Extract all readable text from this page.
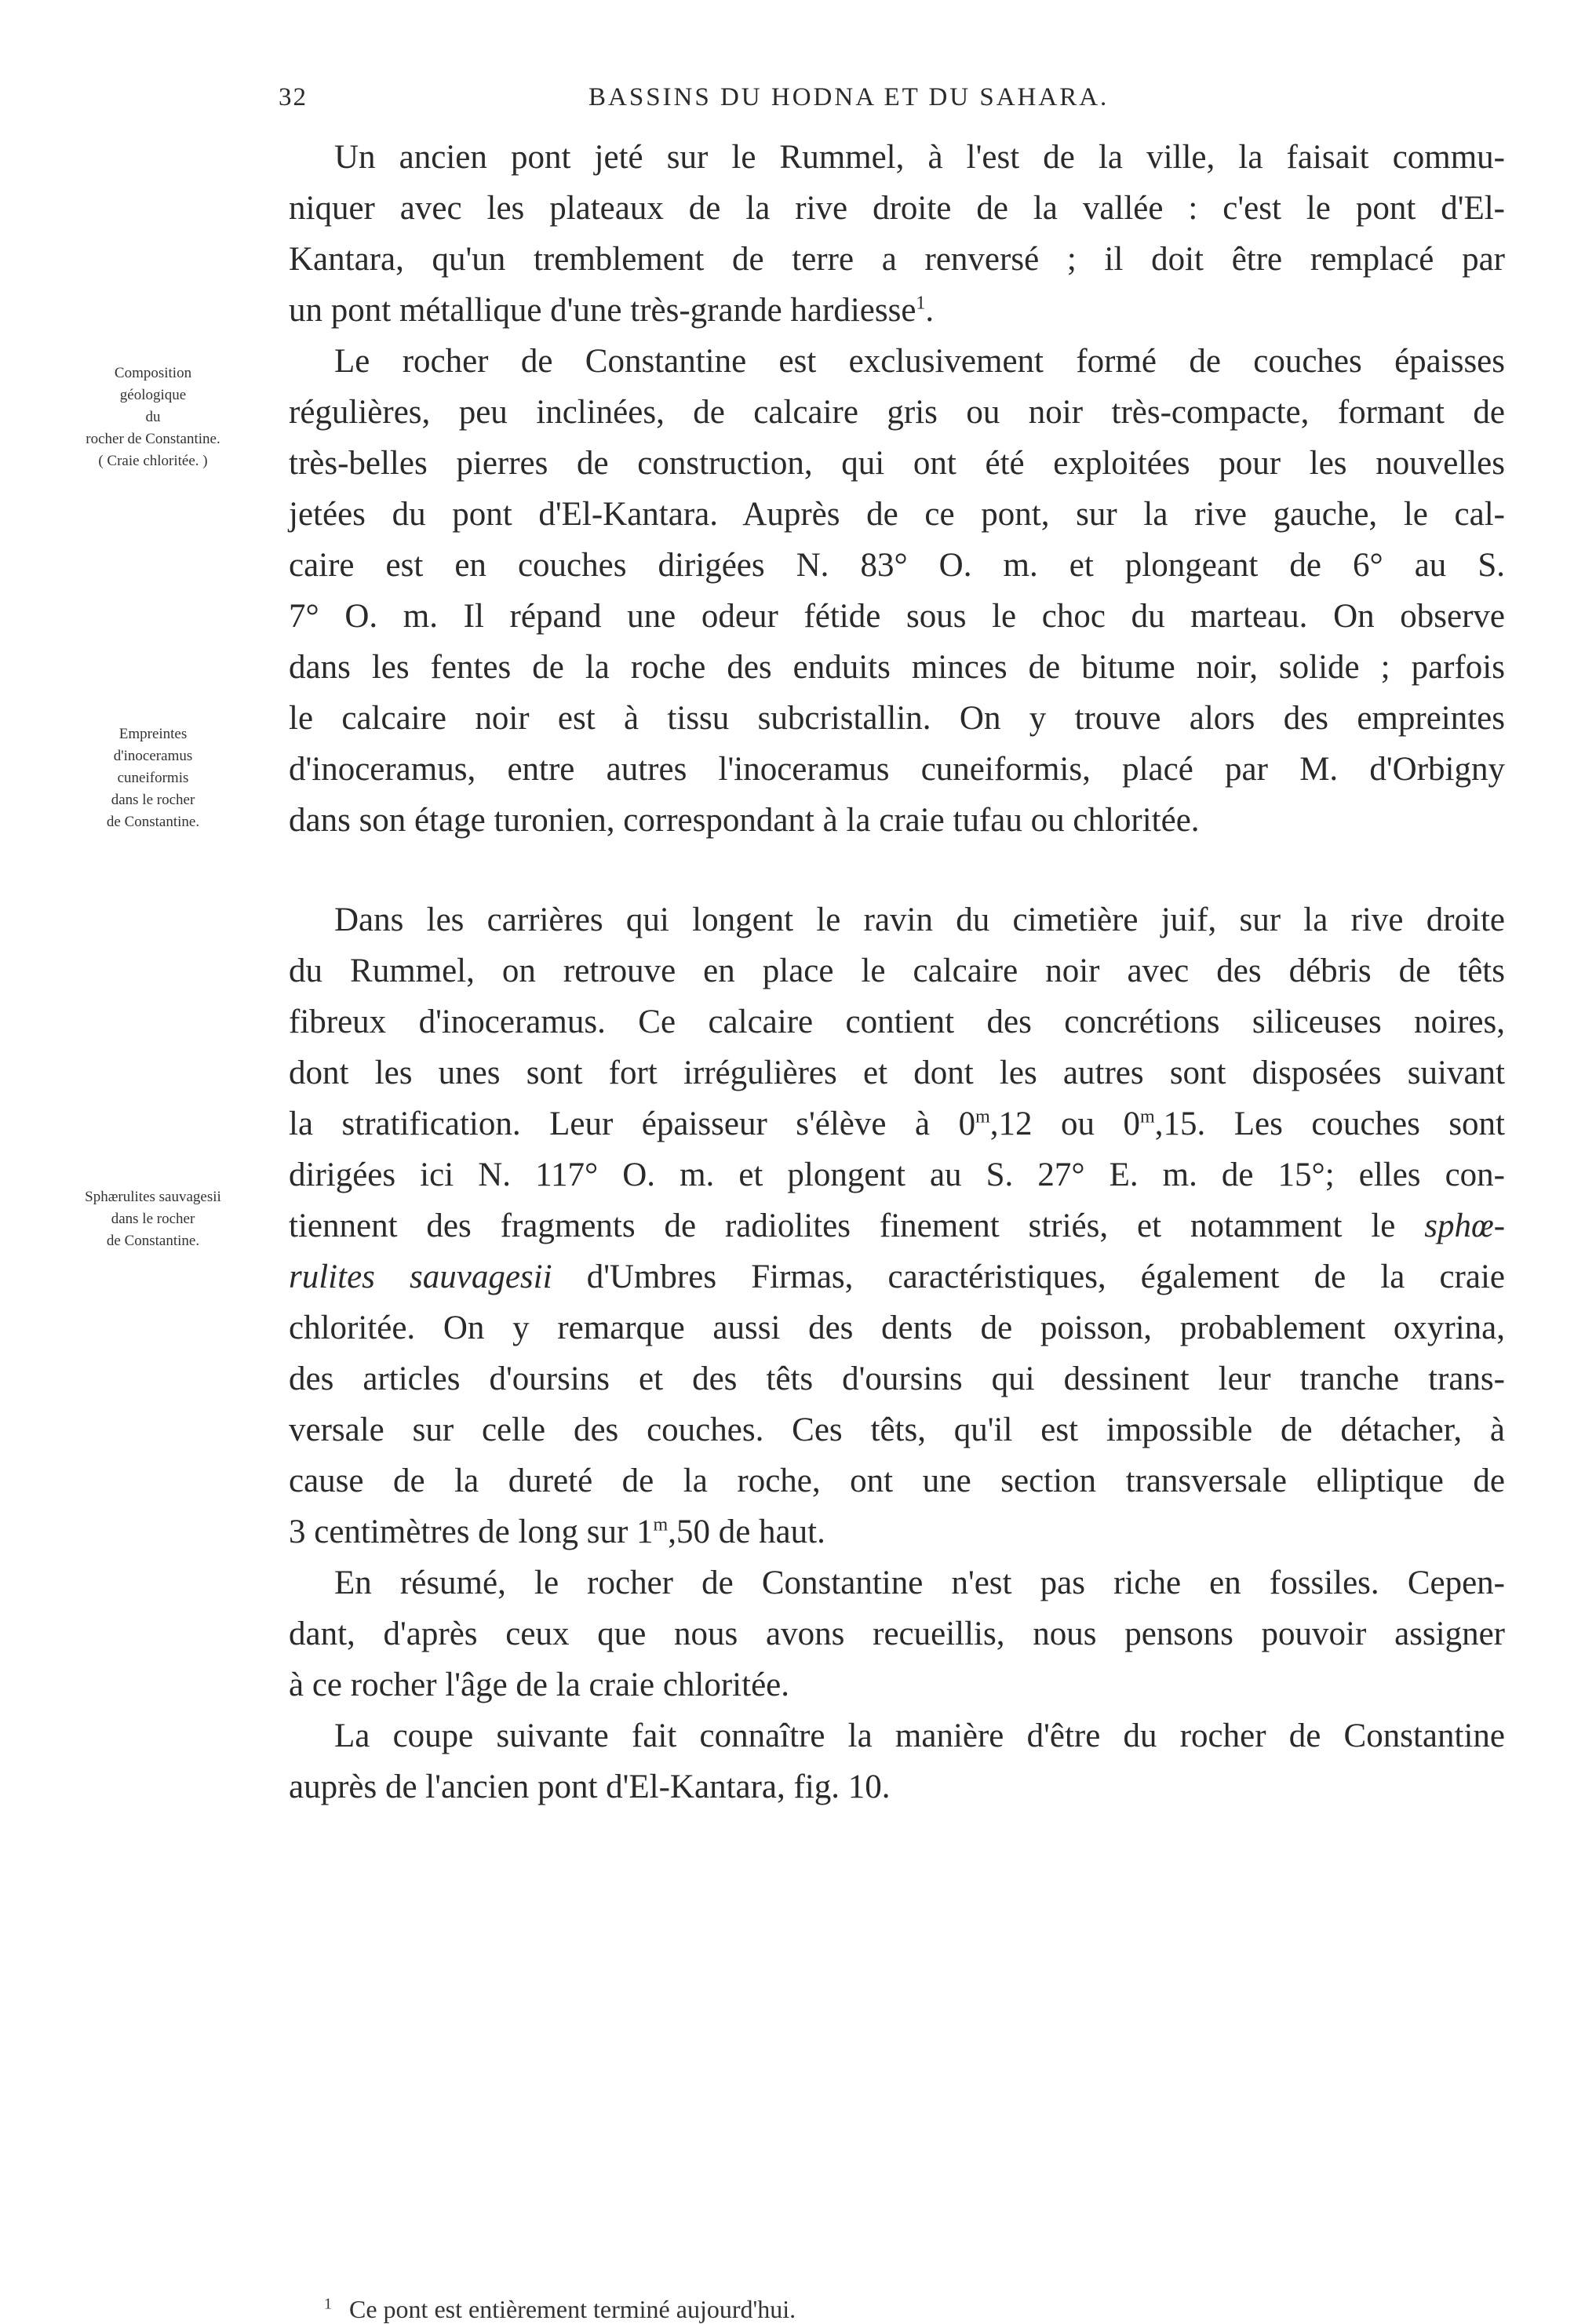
32	BASSINS DU HODNA ET DU SAHARA.
Composition
géologique
du
rocher de Constantine.
( Craie chloritée. )
Empreintes
d'inoceramus
cuneiformis
dans le rocher
de Constantine.
Sphærulites sauvagesii
dans le rocher
de Constantine.
Un ancien pont jeté sur le Rummel, à l'est de la ville, la faisait commu-
niquer avec les plateaux de la rive droite de la vallée : c'est le pont d'El-
Kantara, qu'un tremblement de terre a renversé ; il doit être remplacé par
un pont métallique d'une très-grande hardiesse$^1$.
Le rocher de Constantine est exclusivement formé de couches épaisses
régulières, peu inclinées, de calcaire gris ou noir très-compacte, formant de
très-belles pierres de construction, qui ont été exploitées pour les nouvelles
jetées du pont d'El-Kantara. Auprès de ce pont, sur la rive gauche, le cal-
caire est en couches dirigées N. 83° O. m. et plongeant de 6° au S.
7° O. m. Il répand une odeur fétide sous le choc du marteau. On observe
dans les fentes de la roche des enduits minces de bitume noir, solide ; parfois
le calcaire noir est à tissu subcristallin. On y trouve alors des empreintes
d'inoceramus, entre autres l'inoceramus cuneiformis, placé par M. d'Orbigny
dans son étage turonien, correspondant à la craie tufau ou chloritée.
Dans les carrières qui longent le ravin du cimetière juif, sur la rive droite
du Rummel, on retrouve en place le calcaire noir avec des débris de têts
fibreux d'inoceramus. Ce calcaire contient des concrétions siliceuses noires,
dont les unes sont fort irrégulières et dont les autres sont disposées suivant
la stratification. Leur épaisseur s'élève à 0$^m$,12 ou 0$^m$,15. Les couches sont
dirigées ici N. 117° O. m. et plongent au S. 27° E. m. de 15°; elles con-
tiennent des fragments de radiolites finement striés, et notamment le sphœ-
rulites sauvagesii d'Umbres Firmas, caractéristiques, également de la craie
chloritée. On y remarque aussi des dents de poisson, probablement oxyrina,
des articles d'oursins et des têts d'oursins qui dessinent leur tranche trans-
versale sur celle des couches. Ces têts, qu'il est impossible de détacher, à
cause de la dureté de la roche, ont une section transversale elliptique de
3 centimètres de long sur 1$^m$,50 de haut.
En résumé, le rocher de Constantine n'est pas riche en fossiles. Cepen-
dant, d'après ceux que nous avons recueillis, nous pensons pouvoir assigner
à ce rocher l'âge de la craie chloritée.
La coupe suivante fait connaître la manière d'être du rocher de Constantine
auprès de l'ancien pont d'El-Kantara, fig. 10.
$^1$ Ce pont est entièrement terminé aujourd'hui.
